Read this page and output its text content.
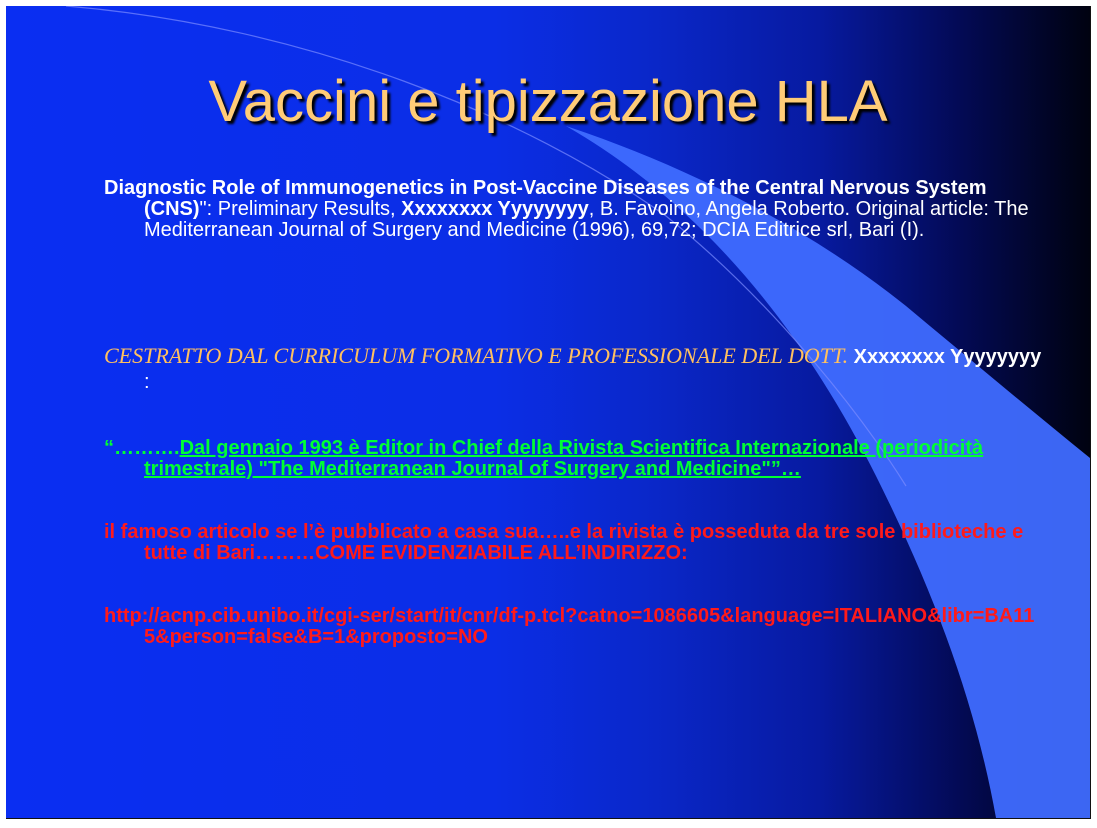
Vaccini e tipizzazione HLA

Diagnostic Role of Immunogenetics in Post-Vaccine Diseases of the Central Nervous System (CNS)": Preliminary Results, Xxxxxxxx Yyyyyyyy, B. Favoino, Angela Roberto. Original article: The Mediterranean Journal of Surgery and Medicine (1996), 69,72; DCIA Editrice srl, Bari (I).

CESTRATTO DAL CURRICULUM FORMATIVO E PROFESSIONALE DEL DOTT. Xxxxxxxx Yyyyyyyy :

“……….Dal gennaio 1993 è Editor in Chief della Rivista Scientifica Internazionale (periodicità trimestrale) "The Mediterranean Journal of Surgery and Medicine"”…

il famoso articolo se l’è pubblicato a casa sua…..e la rivista è posseduta da tre sole biblioteche e tutte di Bari………COME EVIDENZIABILE ALL’INDIRIZZO:

http://acnp.cib.unibo.it/cgi-ser/start/it/cnr/df-p.tcl?catno=1086605&language=ITALIANO&libr=BA115&person=false&B=1&proposto=NO
